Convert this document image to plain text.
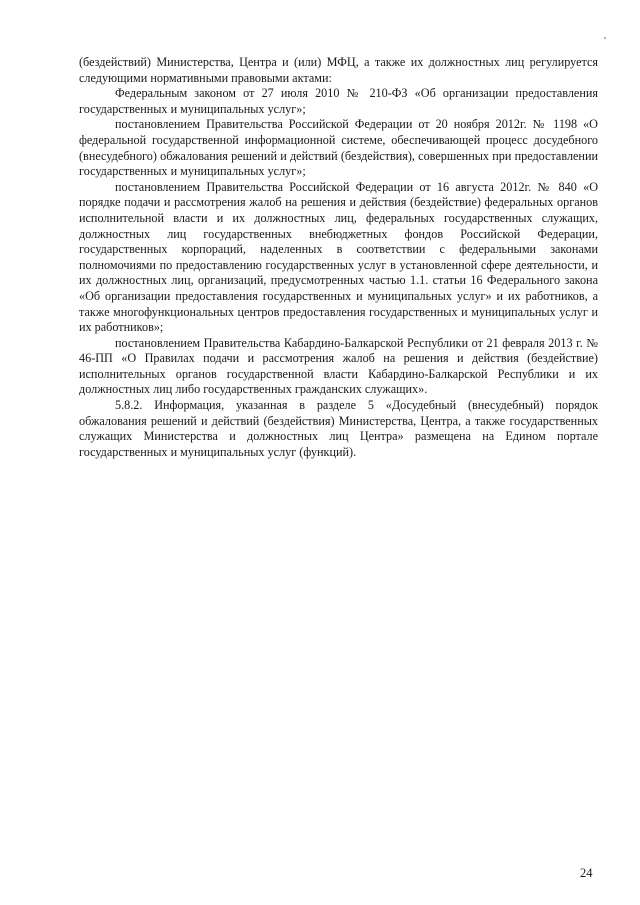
(бездействий) Министерства, Центра и (или) МФЦ, а также их должностных лиц регулируется следующими нормативными правовыми актами:

Федеральным законом от 27 июля 2010 № 210-ФЗ «Об организации предоставления государственных и муниципальных услуг»;

постановлением Правительства Российской Федерации от 20 ноября 2012г. № 1198 «О федеральной государственной информационной системе, обеспечивающей процесс досудебного (внесудебного) обжалования решений и действий (бездействия), совершенных при предоставлении государственных и муниципальных услуг»;

постановлением Правительства Российской Федерации от 16 августа 2012г. № 840 «О порядке подачи и рассмотрения жалоб на решения и действия (бездействие) федеральных органов исполнительной власти и их должностных лиц, федеральных государственных служащих, должностных лиц государственных внебюджетных фондов Российской Федерации, государственных корпораций, наделенных в соответствии с федеральными законами полномочиями по предоставлению государственных услуг в установленной сфере деятельности, и их должностных лиц, организаций, предусмотренных частью 1.1. статьи 16 Федерального закона «Об организации предоставления государственных и муниципальных услуг» и их работников, а также многофункциональных центров предоставления государственных и муниципальных услуг и их работников»;

постановлением Правительства Кабардино-Балкарской Республики от 21 февраля 2013 г. № 46-ПП «О Правилах подачи и рассмотрения жалоб на решения и действия (бездействие) исполнительных органов государственной власти Кабардино-Балкарской Республики и их должностных лиц либо государственных гражданских служащих».

5.8.2. Информация, указанная в разделе 5 «Досудебный (внесудебный) порядок обжалования решений и действий (бездействия) Министерства, Центра, а также государственных служащих Министерства и должностных лиц Центра» размещена на Едином портале государственных и муниципальных услуг (функций).

24
